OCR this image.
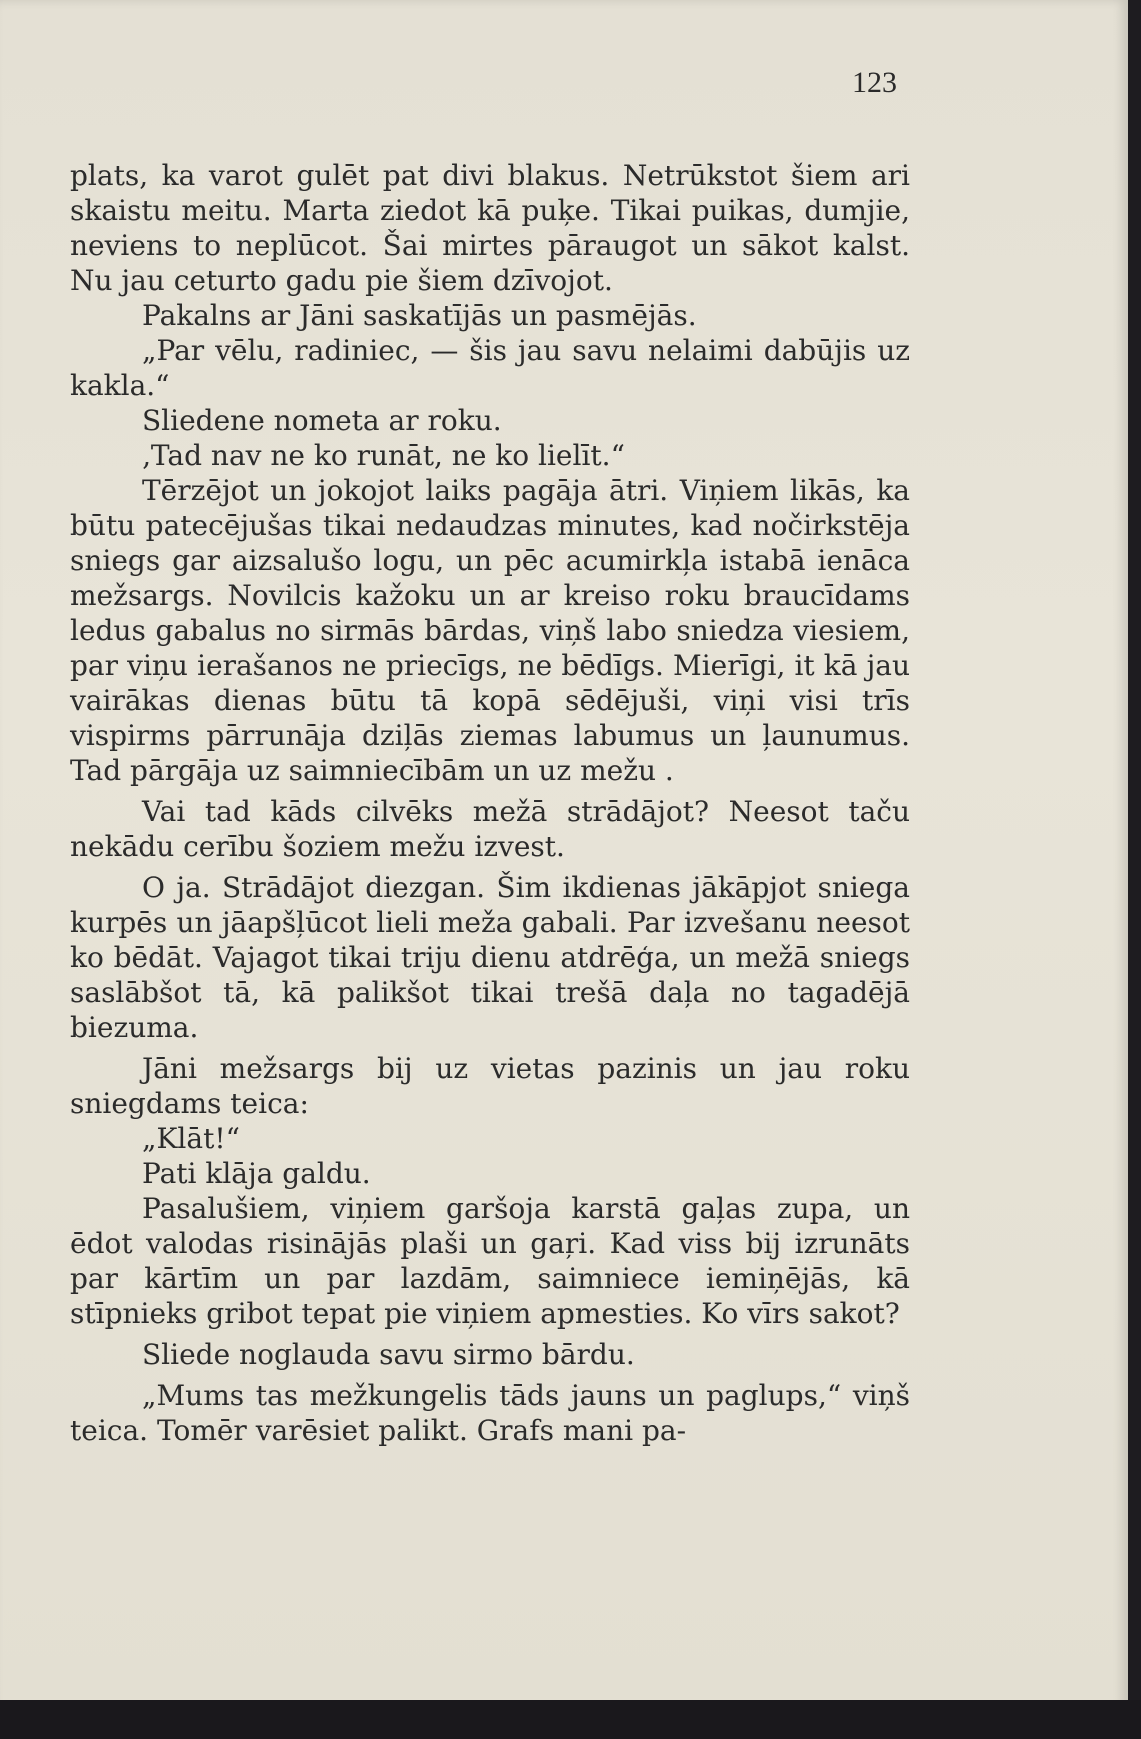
123

plats, ka varot gulēt pat divi blakus. Netrūkstot šiem ari skaistu meitu. Marta ziedot kā puķe. Tikai puikas, dumjie, neviens to neplūcot. Šai mirtes pāraugot un sākot kalst. Nu jau ceturto gadu pie šiem dzīvojot.

Pakalns ar Jāni saskatījās un pasmējās.

„Par vēlu, radiniec, — šis jau savu nelaimi dabūjis uz kakla.“

Sliedene nometa ar roku.

‚Tad nav ne ko runāt, ne ko lielīt.“

Tērzējot un jokojot laiks pagāja ātri. Viņiem likās, ka būtu patecējušas tikai nedaudzas minutes, kad nočirkstēja sniegs gar aizsalušo logu, un pēc acumirkļa istabā ienāca mežsargs. Novilcis kažoku un ar kreiso roku braucīdams ledus gabalus no sirmās bārdas, viņš labo sniedza viesiem, par viņu ierašanos ne priecīgs, ne bēdīgs. Mierīgi, it kā jau vairākas dienas būtu tā kopā sēdējuši, viņi visi trīs vispirms pārrunāja dziļās ziemas labumus un ļaunumus. Tad pārgāja uz saimniecībām un uz mežu .

Vai tad kāds cilvēks mežā strādājot? Neesot taču nekādu cerību šoziem mežu izvest.

O ja. Strādājot diezgan. Šim ikdienas jākāpjot sniega kurpēs un jāapšļūcot lieli meža gabali. Par izvešanu neesot ko bēdāt. Vajagot tikai triju dienu atdrēģa, un mežā sniegs saslābšot tā, kā palikšot tikai trešā daļa no tagadējā biezuma.

Jāni mežsargs bij uz vietas pazinis un jau roku sniegdams teica:

„Klāt!“

Pati klāja galdu.

Pasalušiem, viņiem garšoja karstā gaļas zupa, un ēdot valodas risinājās plaši un gaŗi. Kad viss bij izrunāts par kārtīm un par lazdām, saimniece iemiņējās, kā stīpnieks gribot tepat pie viņiem apmesties. Ko vīrs sakot?

Sliede noglauda savu sirmo bārdu.

„Mums tas mežkungelis tāds jauns un paglups,“ viņš teica. Tomēr varēsiet palikt. Grafs mani pa-
